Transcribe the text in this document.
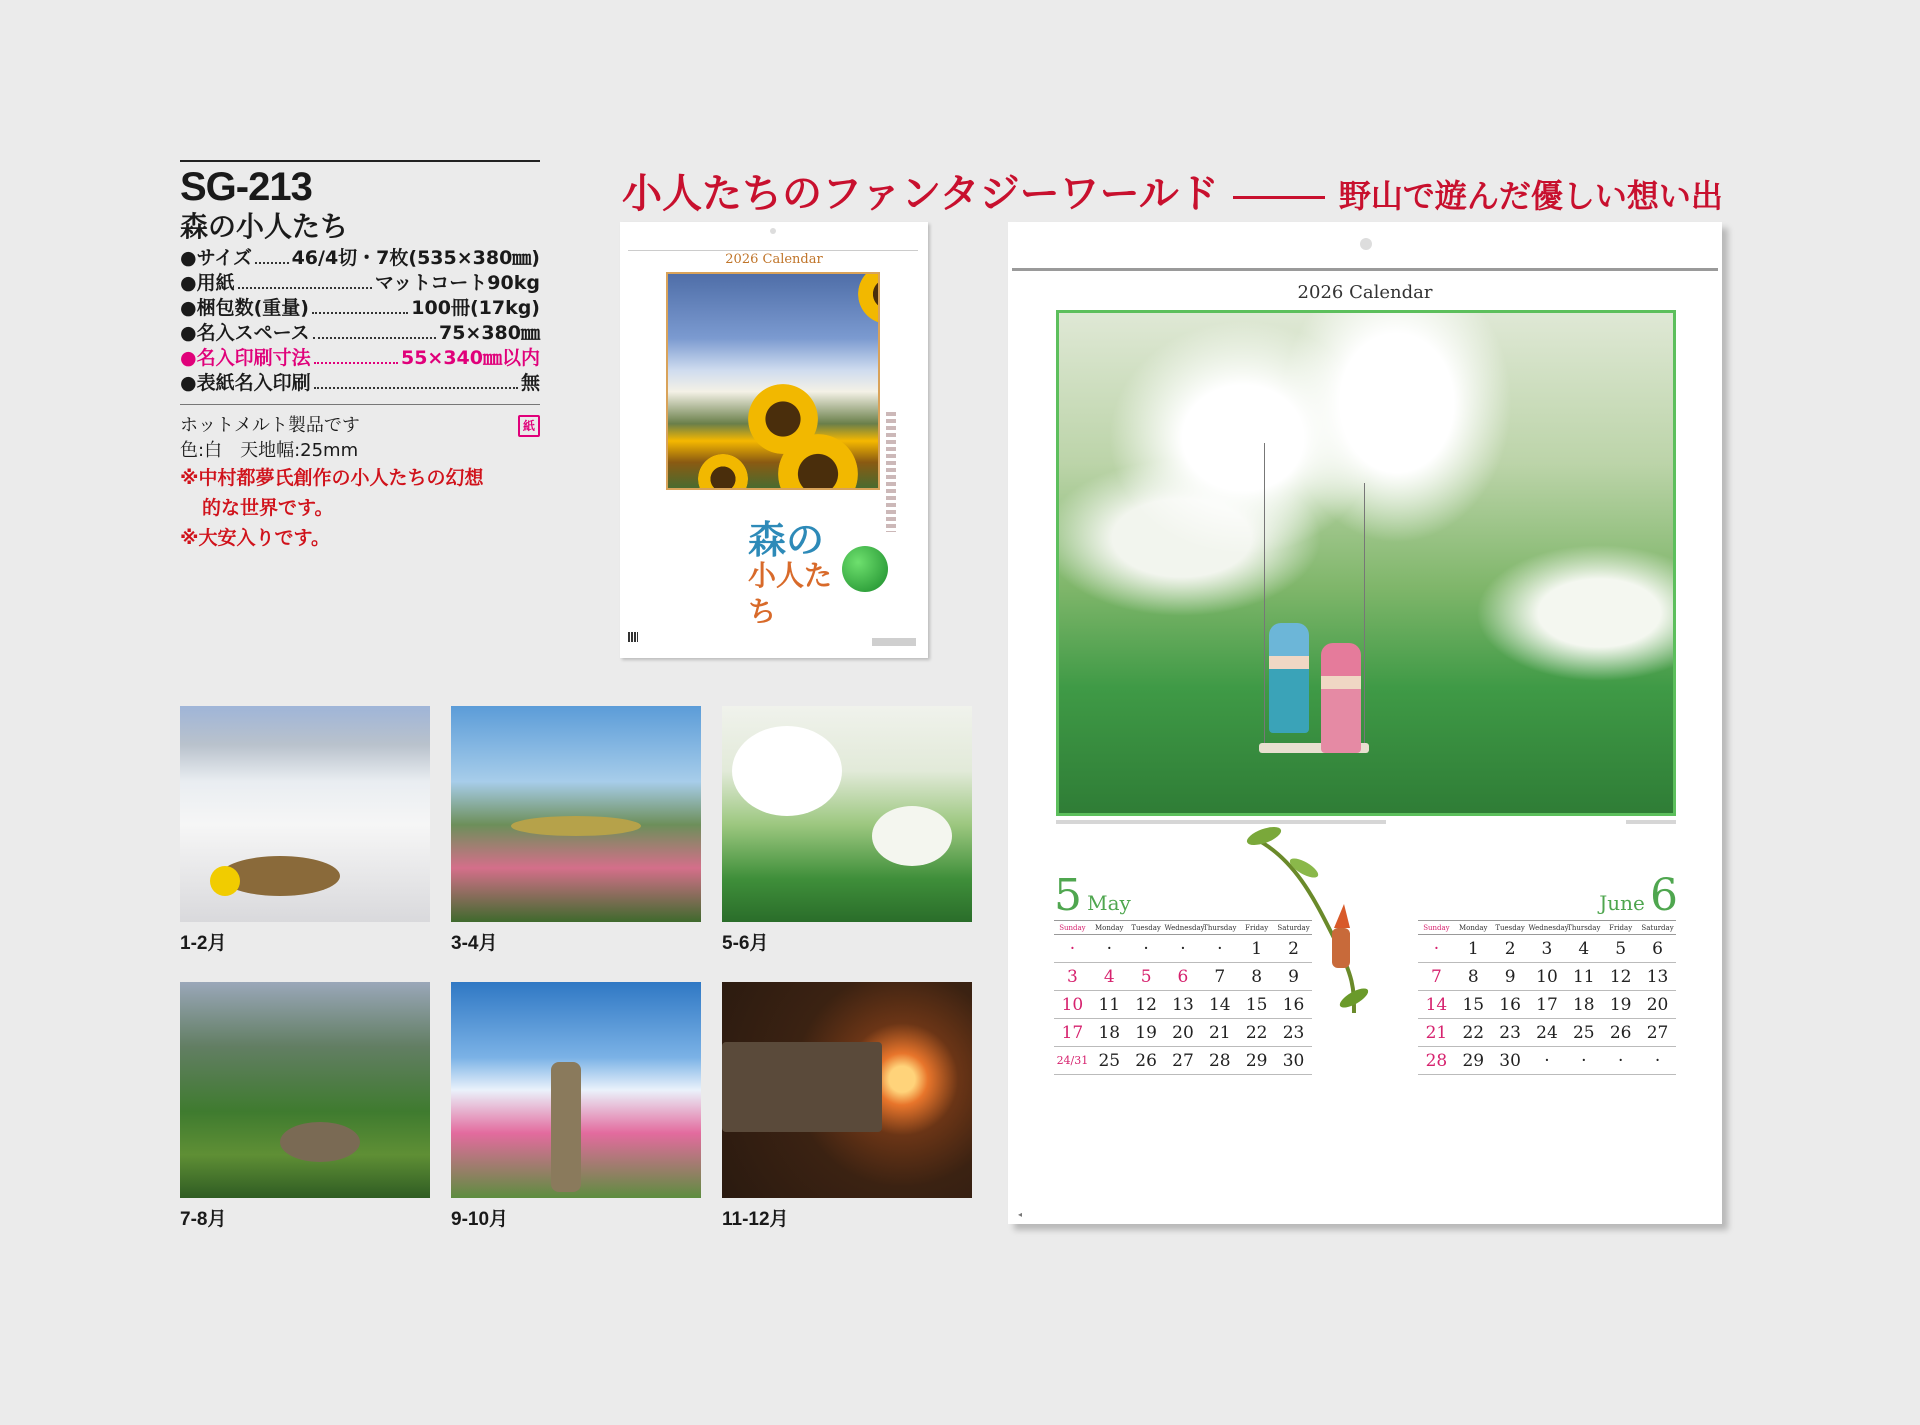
SG-213
森の小人たち
●サイズ 46/4切・7枚(535×380㎜)
●用紙	マットコート90kg
●梱包数(重量)	100冊(17kg)
●名入スペース	75×380㎜
●名入印刷寸法	55×340㎜以内
●表紙名入印刷	無
ホットメルト製品です	紙
色:白　天地幅:25mm
※中村都夢氏創作の小人たちの幻想
的な世界です。
※大安入りです。
小人たちのファンタジーワールド	野山で遊んだ優しい想い出
2026 Calendar
森の
小人たち
1-2月	3-4月	5-6月
7-8月	9-10月	11-12月
2026 Calendar
5 May
Sunday	Monday	Tuesday	Wednesday	Thursday	Friday	Saturday
·	·	·	·	·	1	2
3	4	5	6	7	8	9
10	11	12	13	14	15	16
17	18	19	20	21	22	23
24/31	25	26	27	28	29	30
June 6
Sunday	Monday	Tuesday	Wednesday	Thursday	Friday	Saturday
·	1	2	3	4	5	6
7	8	9	10	11	12	13
14	15	16	17	18	19	20
21	22	23	24	25	26	27
28	29	30	·	·	·	·
◂
